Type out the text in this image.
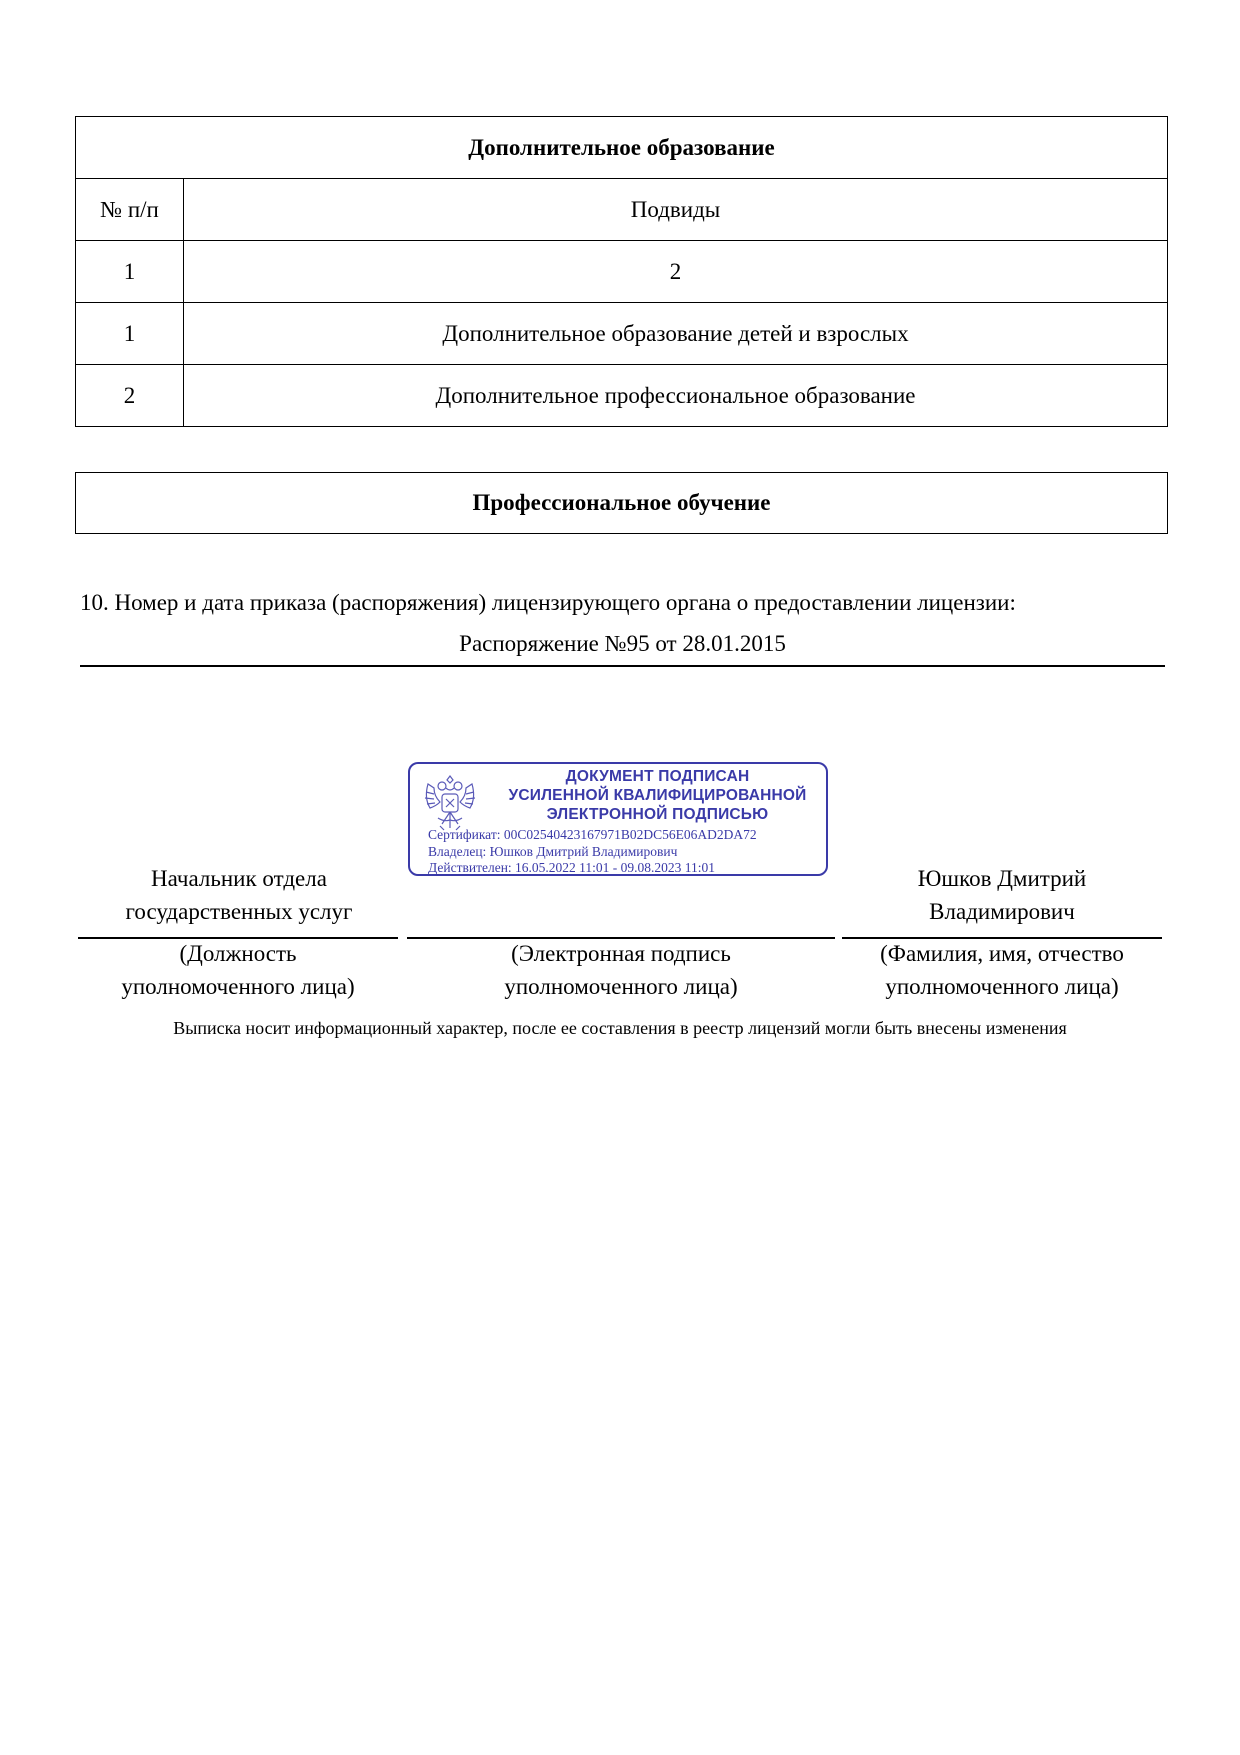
Дополнительное образование	
№ п/п	Подвиды
1	2
1	Дополнительное образование детей и взрослых
2	Дополнительное профессиональное образование
Профессиональное обучение
10. Номер и дата приказа (распоряжения) лицензирующего органа о предоставлении лицензии:
Распоряжение №95 от 28.01.2015
ДОКУМЕНТ ПОДПИСАН
УСИЛЕННОЙ КВАЛИФИЦИРОВАННОЙ
ЭЛЕКТРОННОЙ ПОДПИСЬЮ
Сертификат: 00C02540423167971B02DC56E06AD2DA72
Владелец: Юшков Дмитрий Владимирович
Действителен: 16.05.2022 11:01 - 09.08.2023 11:01
Начальник отдела
государственных услуг
Юшков Дмитрий
Владимирович
(Должность
уполномоченного лица)
(Электронная подпись
уполномоченного лица)
(Фамилия, имя, отчество
уполномоченного лица)
Выписка носит информационный характер, после ее составления в реестр лицензий могли быть внесены изменения
